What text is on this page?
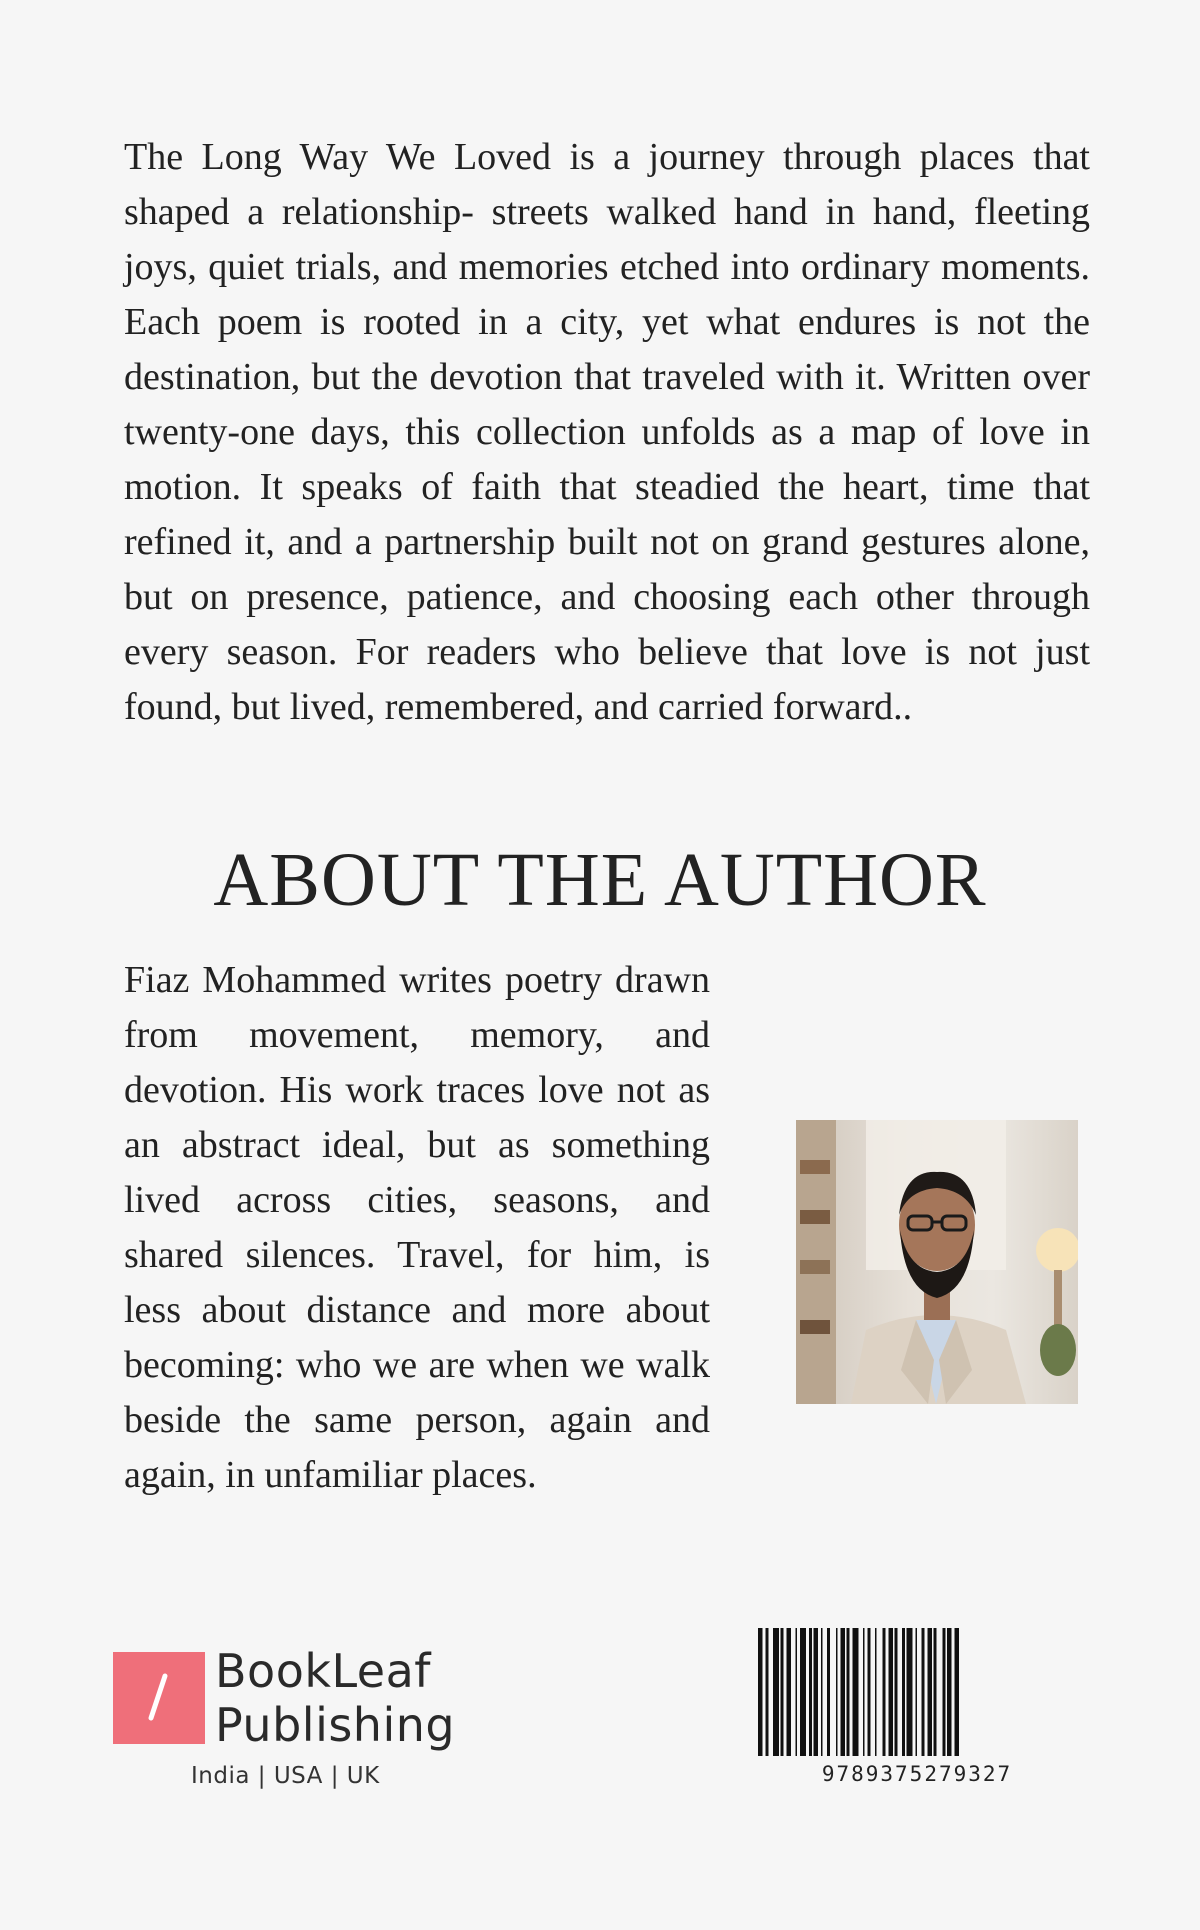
The Long Way We Loved is a journey through places that shaped a relationship- streets walked hand in hand, fleeting joys, quiet trials, and memories etched into ordinary moments. Each poem is rooted in a city, yet what endures is not the destination, but the devotion that traveled with it. Written over twenty-one days, this collection unfolds as a map of love in motion. It speaks of faith that steadied the heart, time that refined it, and a partnership built not on grand gestures alone, but on presence, patience, and choosing each other through every season. For readers who believe that love is not just found, but lived, remembered, and carried forward..

ABOUT THE AUTHOR

Fiaz Mohammed writes poetry drawn from movement, memory, and devotion. His work traces love not as an abstract ideal, but as something lived across cities, seasons, and shared silences. Travel, for him, is less about distance and more about becoming: who we are when we walk beside the same person, again and again, in unfamiliar places.

BookLeaf
Publishing
India | USA | UK	9789375279327
